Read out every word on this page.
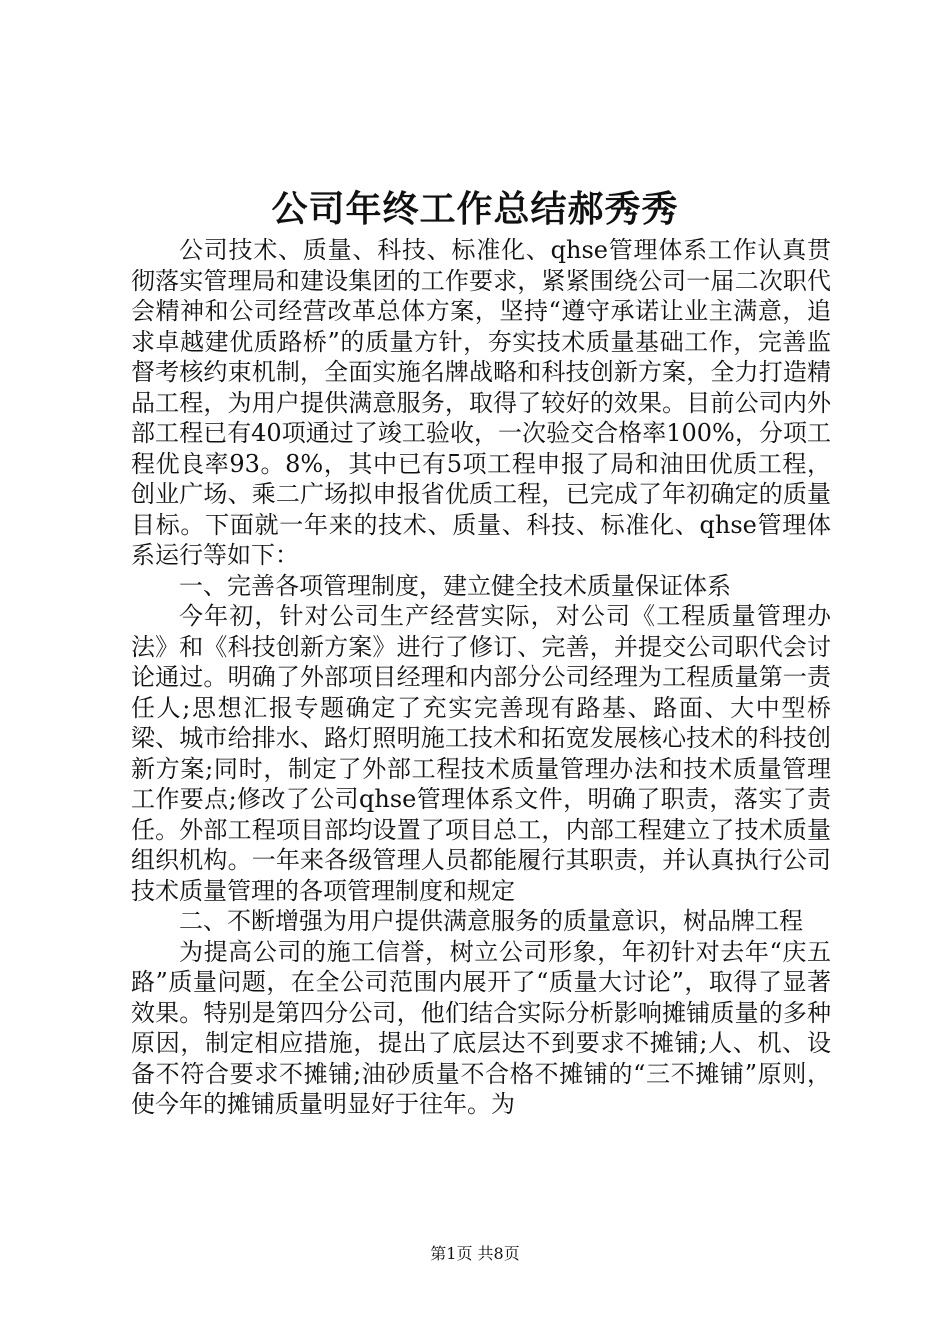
公司年终工作总结郝秀秀

公司技术、质量、科技、标准化、qhse管理体系工作认真贯彻落实管理局和建设集团的工作要求，紧紧围绕公司一届二次职代会精神和公司经营改革总体方案，坚持“遵守承诺让业主满意，追求卓越建优质路桥”的质量方针，夯实技术质量基础工作，完善监督考核约束机制，全面实施名牌战略和科技创新方案，全力打造精品工程，为用户提供满意服务，取得了较好的效果。目前公司内外部工程已有40项通过了竣工验收，一次验交合格率100%，分项工程优良率93。8%，其中已有5项工程申报了局和油田优质工程，创业广场、乘二广场拟申报省优质工程，已完成了年初确定的质量目标。下面就一年来的技术、质量、科技、标准化、qhse管理体系运行等如下：

一、完善各项管理制度，建立健全技术质量保证体系

今年初，针对公司生产经营实际，对公司《工程质量管理办法》和《科技创新方案》进行了修订、完善，并提交公司职代会讨论通过。明确了外部项目经理和内部分公司经理为工程质量第一责任人;思想汇报专题确定了充实完善现有路基、路面、大中型桥梁、城市给排水、路灯照明施工技术和拓宽发展核心技术的科技创新方案;同时，制定了外部工程技术质量管理办法和技术质量管理工作要点;修改了公司qhse管理体系文件，明确了职责，落实了责任。外部工程项目部均设置了项目总工，内部工程建立了技术质量组织机构。一年来各级管理人员都能履行其职责，并认真执行公司技术质量管理的各项管理制度和规定

二、不断增强为用户提供满意服务的质量意识，树品牌工程

为提高公司的施工信誉，树立公司形象，年初针对去年“庆五路”质量问题，在全公司范围内展开了“质量大讨论”，取得了显著效果。特别是第四分公司，他们结合实际分析影响摊铺质量的多种原因，制定相应措施，提出了底层达不到要求不摊铺;人、机、设备不符合要求不摊铺;油砂质量不合格不摊铺的“三不摊铺”原则，使今年的摊铺质量明显好于往年。为

第1页 共8页
